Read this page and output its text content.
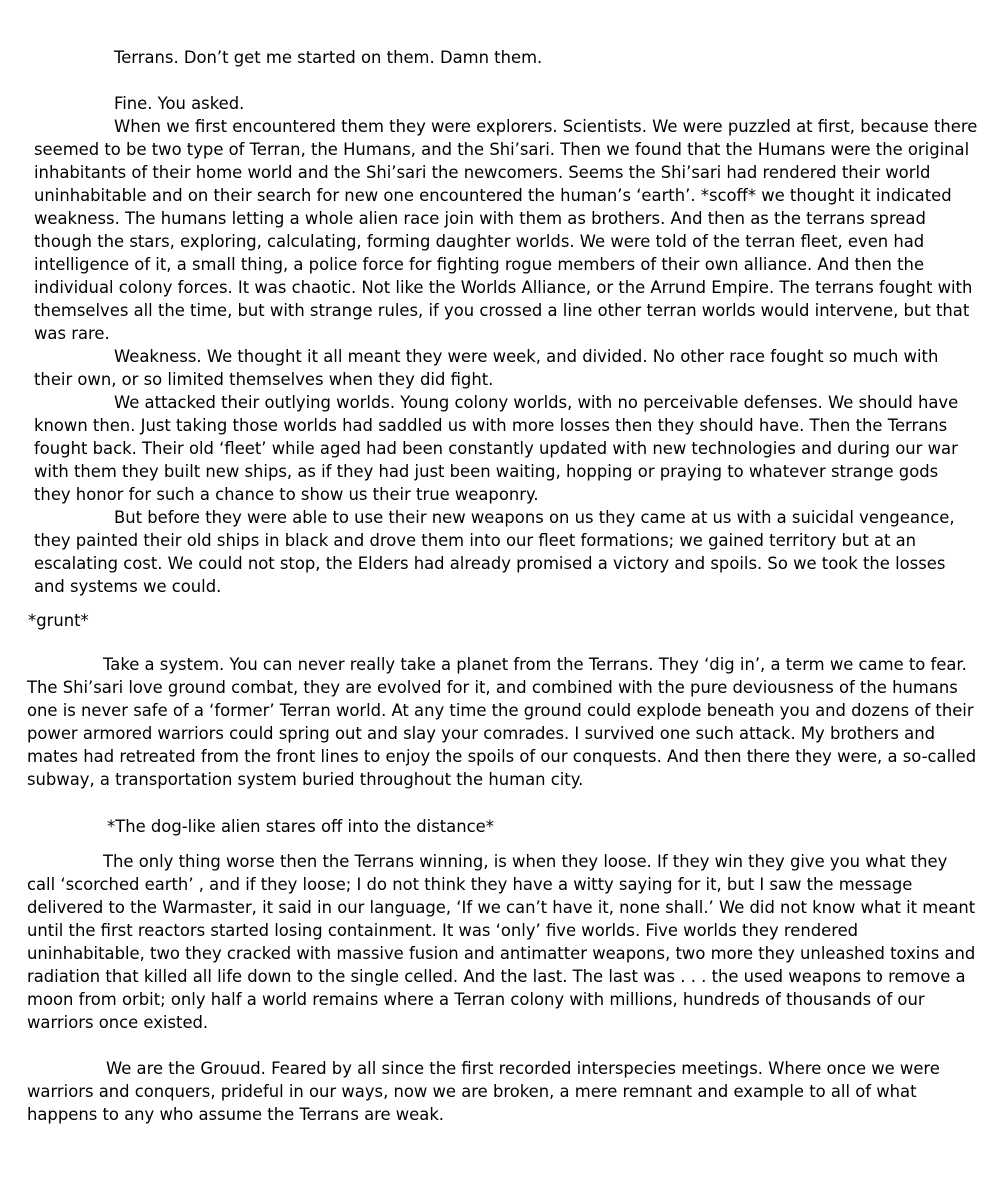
Terrans. Don’t get me started on them. Damn them.

Fine. You asked.

When we first encountered them they were explorers. Scientists. We were puzzled at first, because there seemed to be two type of Terran, the Humans, and the Shi’sari. Then we found that the Humans were the original inhabitants of their home world and the Shi’sari the newcomers. Seems the Shi’sari had rendered their world uninhabitable and on their search for new one encountered the human’s ‘earth’. *scoff* we thought it indicated weakness. The humans letting a whole alien race join with them as brothers. And then as the terrans spread though the stars, exploring, calculating, forming daughter worlds. We were told of the terran fleet, even had intelligence of it, a small thing, a police force for fighting rogue members of their own alliance. And then the individual colony forces. It was chaotic. Not like the Worlds Alliance, or the Arrund Empire. The terrans fought with themselves all the time, but with strange rules, if you crossed a line other terran worlds would intervene, but that was rare.

Weakness. We thought it all meant they were week, and divided. No other race fought so much with their own, or so limited themselves when they did fight.

We attacked their outlying worlds. Young colony worlds, with no perceivable defenses. We should have known then. Just taking those worlds had saddled us with more losses then they should have. Then the Terrans fought back. Their old ‘fleet’ while aged had been constantly updated with new technologies and during our war with them they built new ships, as if they had just been waiting, hopping or praying to whatever strange gods they honor for such a chance to show us their true weaponry.

But before they were able to use their new weapons on us they came at us with a suicidal vengeance, they painted their old ships in black and drove them into our fleet formations; we gained territory but at an escalating cost. We could not stop, the Elders had already promised a victory and spoils. So we took the losses and systems we could.

*grunt*

Take a system. You can never really take a planet from the Terrans. They ‘dig in’, a term we came to fear. The Shi’sari love ground combat, they are evolved for it, and combined with the pure deviousness of the humans one is never safe of a ‘former’ Terran world. At any time the ground could explode beneath you and dozens of their power armored warriors could spring out and slay your comrades. I survived one such attack. My brothers and mates had retreated from the front lines to enjoy the spoils of our conquests. And then there they were, a so-called subway, a transportation system buried throughout the human city.

*The dog-like alien stares off into the distance*

The only thing worse then the Terrans winning, is when they loose. If they win they give you what they call ‘scorched earth’ , and if they loose; I do not think they have a witty saying for it, but I saw the message delivered to the Warmaster, it said in our language, ‘If we can’t have it, none shall.’ We did not know what it meant until the first reactors started losing containment. It was ‘only’ five worlds. Five worlds they rendered uninhabitable, two they cracked with massive fusion and antimatter weapons, two more they unleashed toxins and radiation that killed all life down to the single celled. And the last. The last was . . . the used weapons to remove a moon from orbit; only half a world remains where a Terran colony with millions, hundreds of thousands of our warriors once existed.

We are the Grouud. Feared by all since the first recorded interspecies meetings. Where once we were warriors and conquers, prideful in our ways, now we are broken, a mere remnant and example to all of what happens to any who assume the Terrans are weak.
